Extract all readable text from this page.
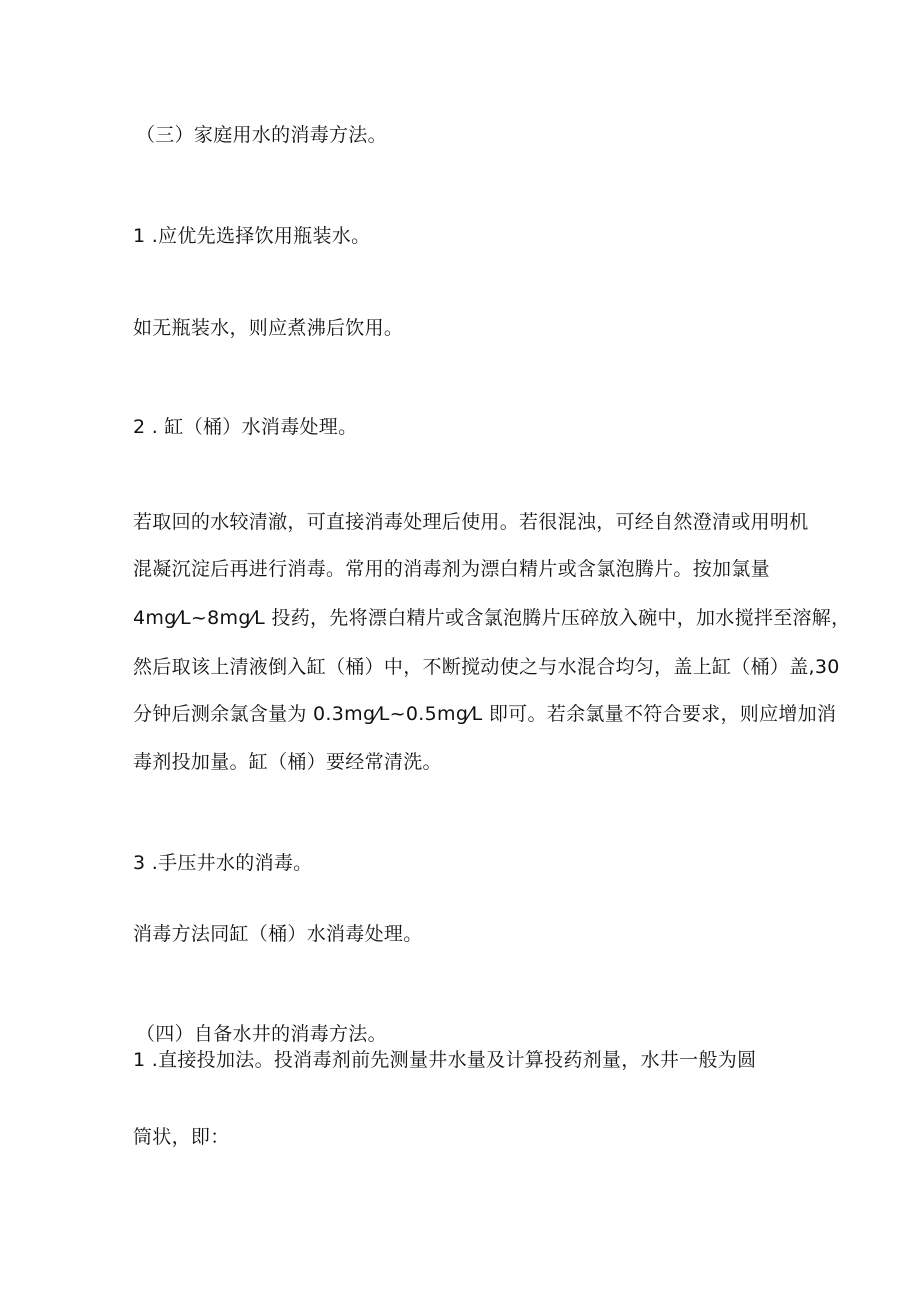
（三）家庭用水的消毒方法。
1 .应优先选择饮用瓶装水。
如无瓶装水，则应煮沸后饮用。
2 . 缸（桶）水消毒处理。
若取回的水较清澈，可直接消毒处理后使用。若很混浊，可经自然澄清或用明机
混凝沉淀后再进行消毒。常用的消毒剂为漂白精片或含氯泡腾片。按加氯量
4mg⁄L~8mg⁄L 投药，先将漂白精片或含氯泡腾片压碎放入碗中，加水搅拌至溶解，
然后取该上清液倒入缸（桶）中，不断搅动使之与水混合均匀，盖上缸（桶）盖,30
分钟后测余氯含量为 0.3mg⁄L~0.5mg⁄L 即可。若余氯量不符合要求，则应增加消
毒剂投加量。缸（桶）要经常清洗。
3 .手压井水的消毒。
消毒方法同缸（桶）水消毒处理。
（四）自备水井的消毒方法。
1 .直接投加法。投消毒剂前先测量井水量及计算投药剂量，水井一般为圆
筒状，即：
